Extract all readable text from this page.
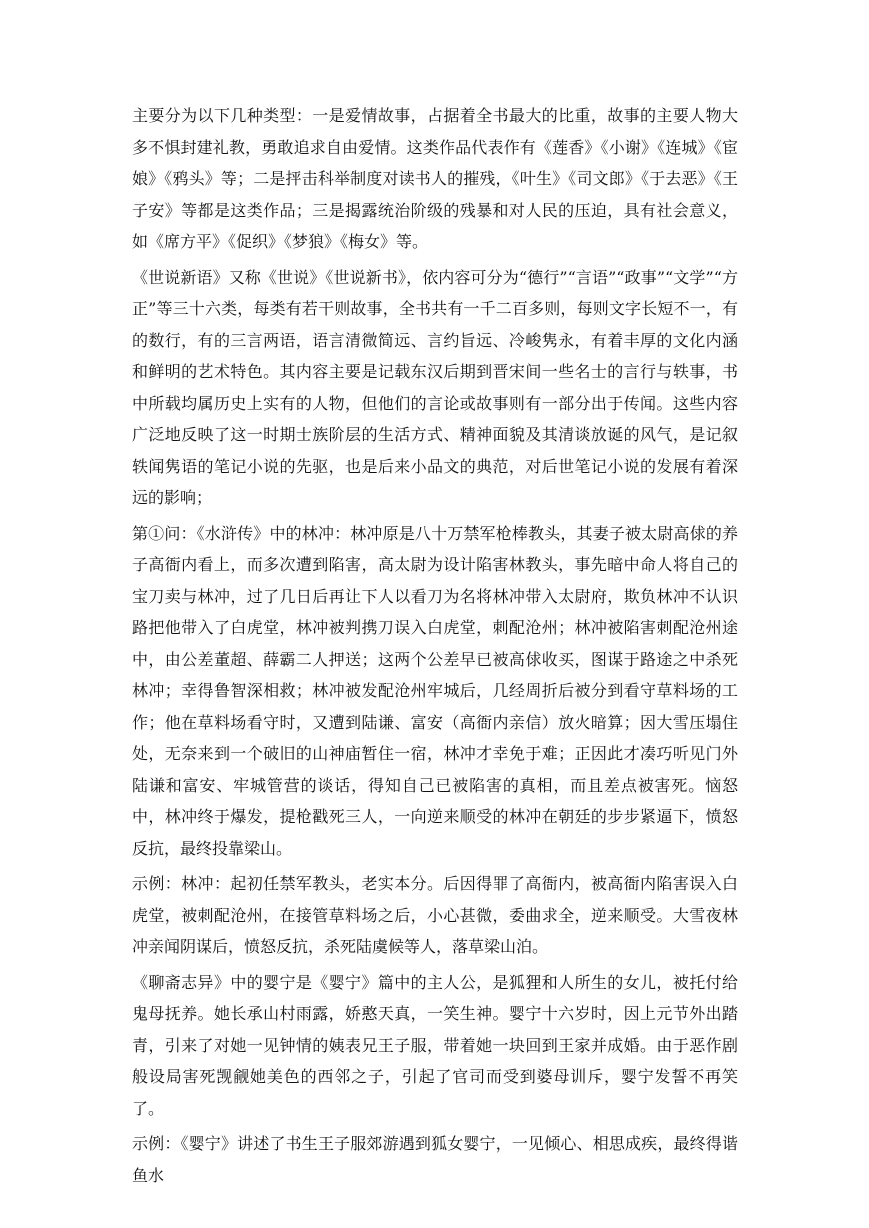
主要分为以下几种类型：一是爱情故事，占据着全书最大的比重，故事的主要人物大多不惧封建礼教，勇敢追求自由爱情。这类作品代表作有《莲香》《小谢》《连城》《宦娘》《鸦头》等；二是抨击科举制度对读书人的摧残，《叶生》《司文郎》《于去恶》《王子安》等都是这类作品；三是揭露统治阶级的残暴和对人民的压迫，具有社会意义，如《席方平》《促织》《梦狼》《梅女》等。

《世说新语》又称《世说》《世说新书》，依内容可分为“德行”“言语”“政事”“文学”“方正”等三十六类，每类有若干则故事，全书共有一千二百多则，每则文字长短不一，有的数行，有的三言两语，语言清微简远、言约旨远、冷峻隽永，有着丰厚的文化内涵和鲜明的艺术特色。其内容主要是记载东汉后期到晋宋间一些名士的言行与轶事，书中所载均属历史上实有的人物，但他们的言论或故事则有一部分出于传闻。这些内容广泛地反映了这一时期士族阶层的生活方式、精神面貌及其清谈放诞的风气，是记叙轶闻隽语的笔记小说的先驱，也是后来小品文的典范，对后世笔记小说的发展有着深远的影响；

第①问：《水浒传》中的林冲：林冲原是八十万禁军枪棒教头，其妻子被太尉高俅的养子高衙内看上，而多次遭到陷害，高太尉为设计陷害林教头，事先暗中命人将自己的宝刀卖与林冲，过了几日后再让下人以看刀为名将林冲带入太尉府，欺负林冲不认识路把他带入了白虎堂，林冲被判携刀误入白虎堂，刺配沧州；林冲被陷害刺配沧州途中，由公差董超、薛霸二人押送；这两个公差早已被高俅收买，图谋于路途之中杀死林冲；幸得鲁智深相救；林冲被发配沧州牢城后，几经周折后被分到看守草料场的工作；他在草料场看守时，又遭到陆谦、富安（高衙内亲信）放火暗算；因大雪压塌住处，无奈来到一个破旧的山神庙暂住一宿，林冲才幸免于难；正因此才凑巧听见门外陆谦和富安、牢城管营的谈话，得知自己已被陷害的真相，而且差点被害死。恼怒中，林冲终于爆发，提枪戳死三人，一向逆来顺受的林冲在朝廷的步步紧逼下，愤怒反抗，最终投靠梁山。

示例：林冲：起初任禁军教头，老实本分。后因得罪了高衙内，被高衙内陷害误入白虎堂，被刺配沧州，在接管草料场之后，小心甚微，委曲求全，逆来顺受。大雪夜林冲亲闻阴谋后，愤怒反抗，杀死陆虞候等人，落草梁山泊。

《聊斋志异》中的婴宁是《婴宁》篇中的主人公，是狐狸和人所生的女儿，被托付给鬼母抚养。她长承山村雨露，娇憨天真，一笑生神。婴宁十六岁时，因上元节外出踏青，引来了对她一见钟情的姨表兄王子服，带着她一块回到王家并成婚。由于恶作剧般设局害死觊觎她美色的西邻之子，引起了官司而受到婆母训斥，婴宁发誓不再笑了。

示例：《婴宁》讲述了书生王子服郊游遇到狐女婴宁，一见倾心、相思成疾，最终得谐鱼水
